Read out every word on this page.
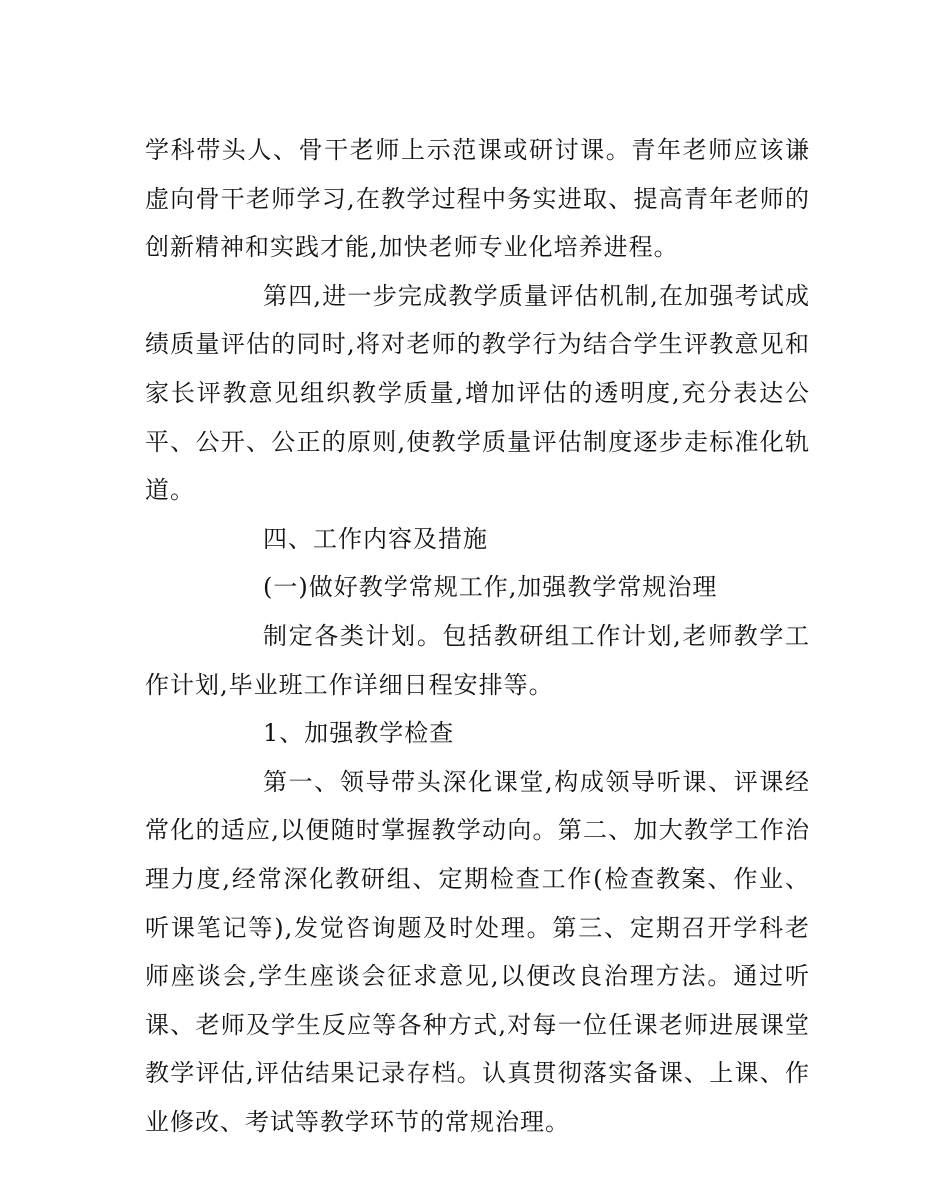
学科带头人、骨干老师上示范课或研讨课。青年老师应该谦虚向骨干老师学习,在教学过程中务实进取、提高青年老师的创新精神和实践才能,加快老师专业化培养进程。

第四,进一步完成教学质量评估机制,在加强考试成绩质量评估的同时,将对老师的教学行为结合学生评教意见和家长评教意见组织教学质量,增加评估的透明度,充分表达公平、公开、公正的原则,使教学质量评估制度逐步走标准化轨道。

四、工作内容及措施

(一)做好教学常规工作,加强教学常规治理

制定各类计划。包括教研组工作计划,老师教学工作计划,毕业班工作详细日程安排等。

1、加强教学检查

第一、领导带头深化课堂,构成领导听课、评课经常化的适应,以便随时掌握教学动向。第二、加大教学工作治理力度,经常深化教研组、定期检查工作(检查教案、作业、听课笔记等),发觉咨询题及时处理。第三、定期召开学科老师座谈会,学生座谈会征求意见,以便改良治理方法。通过听课、老师及学生反应等各种方式,对每一位任课老师进展课堂教学评估,评估结果记录存档。认真贯彻落实备课、上课、作业修改、考试等教学环节的常规治理。
